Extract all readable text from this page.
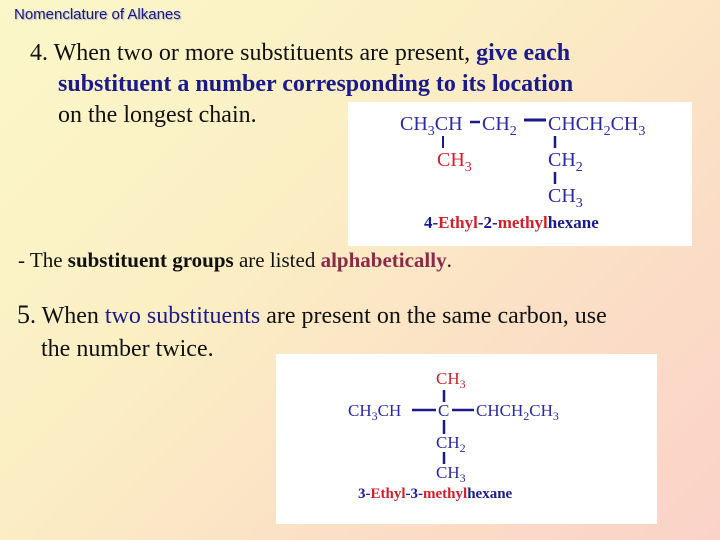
Nomenclature of Alkanes
4. When two or more substituents are present, give each
substituent a number corresponding to its location
on the longest chain.	$CH_3CH$ $CH_2$ $CHCH_2CH_3$
$CH_3$	$CH_2$
$CH_3$
4-Ethyl-2-methylhexane
- The substituent groups are listed alphabetically.
5. When two substituents are present on the same carbon, use
the number twice.
$CH_3$
$CH_3CH$ C $CHCH_2CH_3$
$CH_2$
$CH_3$
3-Ethyl-3-methylhexane
